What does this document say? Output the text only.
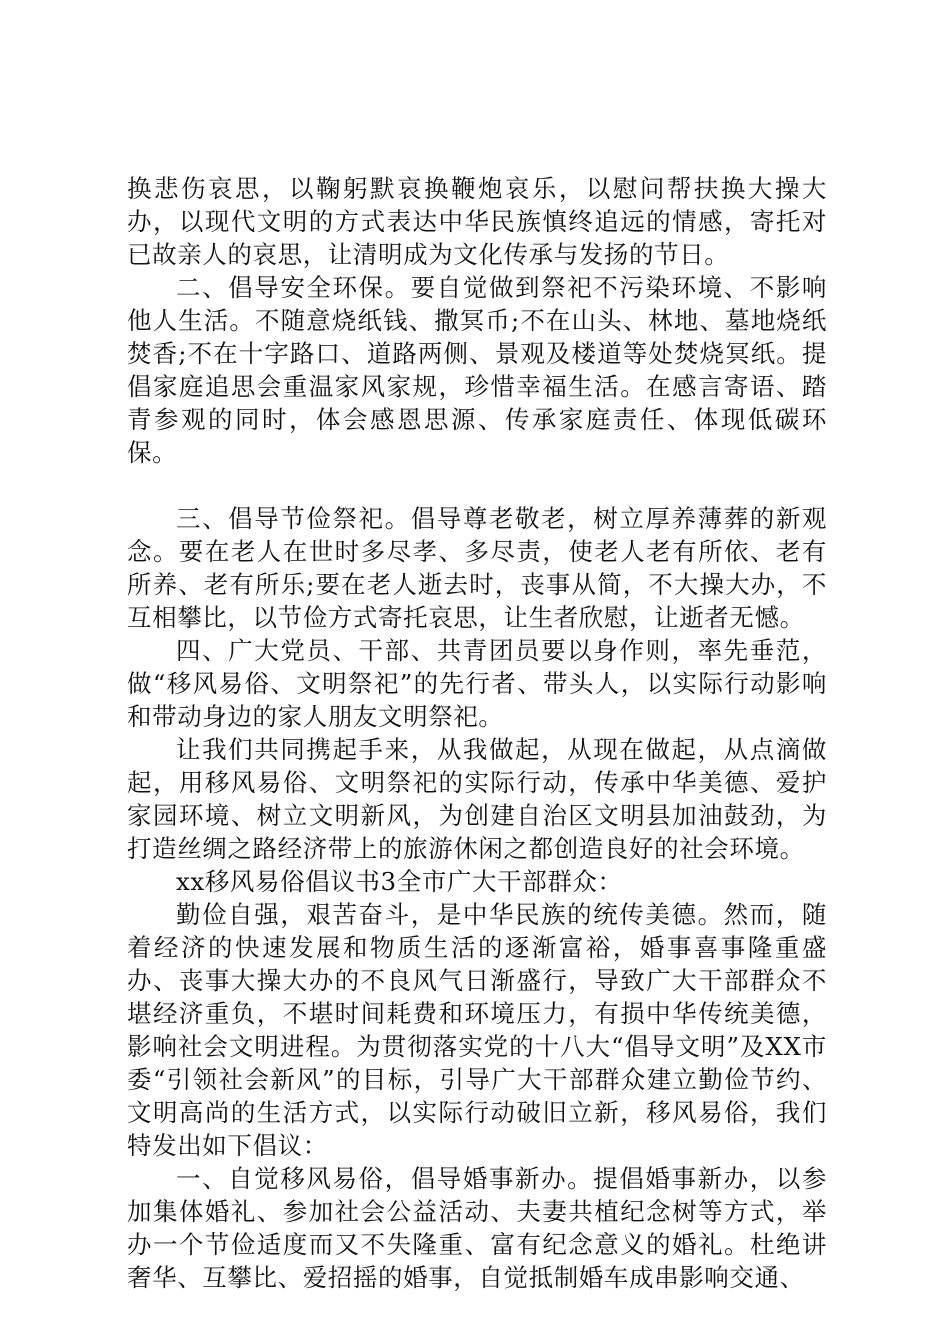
换悲伤哀思，以鞠躬默哀换鞭炮哀乐，以慰问帮扶换大操大办，以现代文明的方式表达中华民族慎终追远的情感，寄托对已故亲人的哀思，让清明成为文化传承与发扬的节日。

二、倡导安全环保。要自觉做到祭祀不污染环境、不影响他人生活。不随意烧纸钱、撒冥币;不在山头、林地、墓地烧纸焚香;不在十字路口、道路两侧、景观及楼道等处焚烧冥纸。提倡家庭追思会重温家风家规，珍惜幸福生活。在感言寄语、踏青参观的同时，体会感恩思源、传承家庭责任、体现低碳环保。

三、倡导节俭祭祀。倡导尊老敬老，树立厚养薄葬的新观念。要在老人在世时多尽孝、多尽责，使老人老有所依、老有所养、老有所乐;要在老人逝去时，丧事从简，不大操大办，不互相攀比，以节俭方式寄托哀思，让生者欣慰，让逝者无憾。

四、广大党员、干部、共青团员要以身作则，率先垂范，做“移风易俗、文明祭祀”的先行者、带头人，以实际行动影响和带动身边的家人朋友文明祭祀。

让我们共同携起手来，从我做起，从现在做起，从点滴做起，用移风易俗、文明祭祀的实际行动，传承中华美德、爱护家园环境、树立文明新风，为创建自治区文明县加油鼓劲，为打造丝绸之路经济带上的旅游休闲之都创造良好的社会环境。

xx移风易俗倡议书3全市广大干部群众：

勤俭自强，艰苦奋斗，是中华民族的统传美德。然而，随着经济的快速发展和物质生活的逐渐富裕，婚事喜事隆重盛办、丧事大操大办的不良风气日渐盛行，导致广大干部群众不堪经济重负，不堪时间耗费和环境压力，有损中华传统美德，影响社会文明进程。为贯彻落实党的十八大“倡导文明”及XX市委“引领社会新风”的目标，引导广大干部群众建立勤俭节约、文明高尚的生活方式，以实际行动破旧立新，移风易俗，我们特发出如下倡议：

一、自觉移风易俗，倡导婚事新办。提倡婚事新办，以参加集体婚礼、参加社会公益活动、夫妻共植纪念树等方式，举办一个节俭适度而又不失隆重、富有纪念意义的婚礼。杜绝讲奢华、互攀比、爱招摇的婚事，自觉抵制婚车成串影响交通、
